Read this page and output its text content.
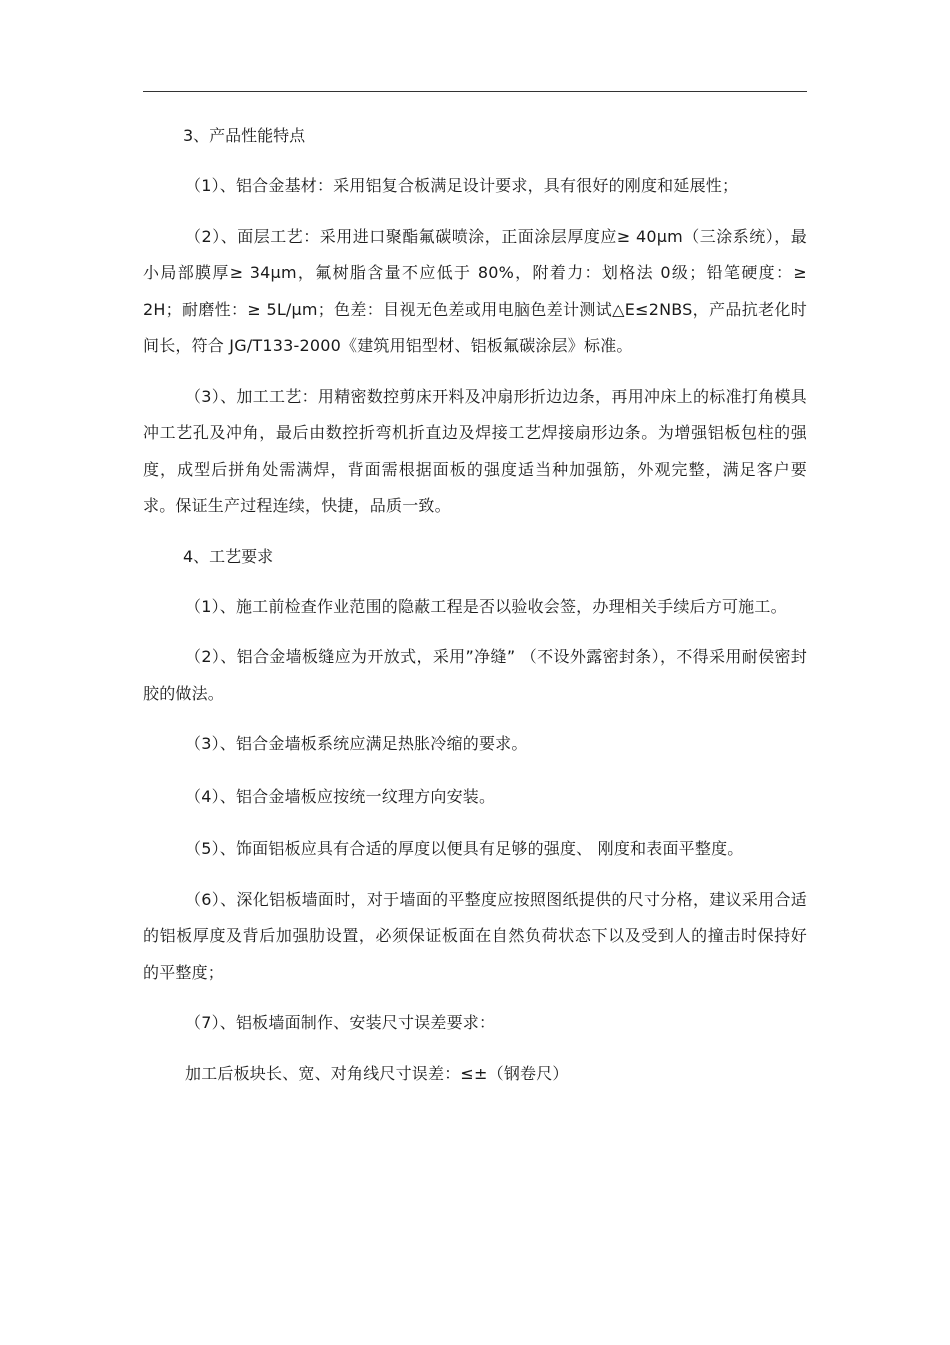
3、产品性能特点

（1）、铝合金基材：采用铝复合板满足设计要求，具有很好的刚度和延展性；

（2）、面层工艺：采用进口聚酯氟碳喷涂，正面涂层厚度应≥ 40μm（三涂系统），最小局部膜厚≥ 34μm，氟树脂含量不应低于 80%，附着力：划格法 0级；铅笔硬度：≥ 2H；耐磨性：≥ 5L/μm；色差：目视无色差或用电脑色差计测试△E≤2NBS，产品抗老化时间长，符合 JG/T133-2000《建筑用铝型材、铝板氟碳涂层》标准。

（3）、加工工艺：用精密数控剪床开料及冲扇形折边边条，再用冲床上的标准打角模具冲工艺孔及冲角，最后由数控折弯机折直边及焊接工艺焊接扇形边条。为增强铝板包柱的强度，成型后拼角处需满焊，背面需根据面板的强度适当种加强筋，外观完整，满足客户要求。保证生产过程连续，快捷，品质一致。

4、工艺要求

（1）、施工前检查作业范围的隐蔽工程是否以验收会签，办理相关手续后方可施工。

（2）、铝合金墙板缝应为开放式，采用”净缝” （不设外露密封条），不得采用耐侯密封胶的做法。

（3）、铝合金墙板系统应满足热胀冷缩的要求。

（4）、铝合金墙板应按统一纹理方向安装。

（5）、饰面铝板应具有合适的厚度以便具有足够的强度、 刚度和表面平整度。

（6）、深化铝板墙面时，对于墙面的平整度应按照图纸提供的尺寸分格，建议采用合适的铝板厚度及背后加强肋设置，必须保证板面在自然负荷状态下以及受到人的撞击时保持好的平整度；

（7）、铝板墙面制作、安装尺寸误差要求：

加工后板块长、宽、对角线尺寸误差：≤±（钢卷尺）
